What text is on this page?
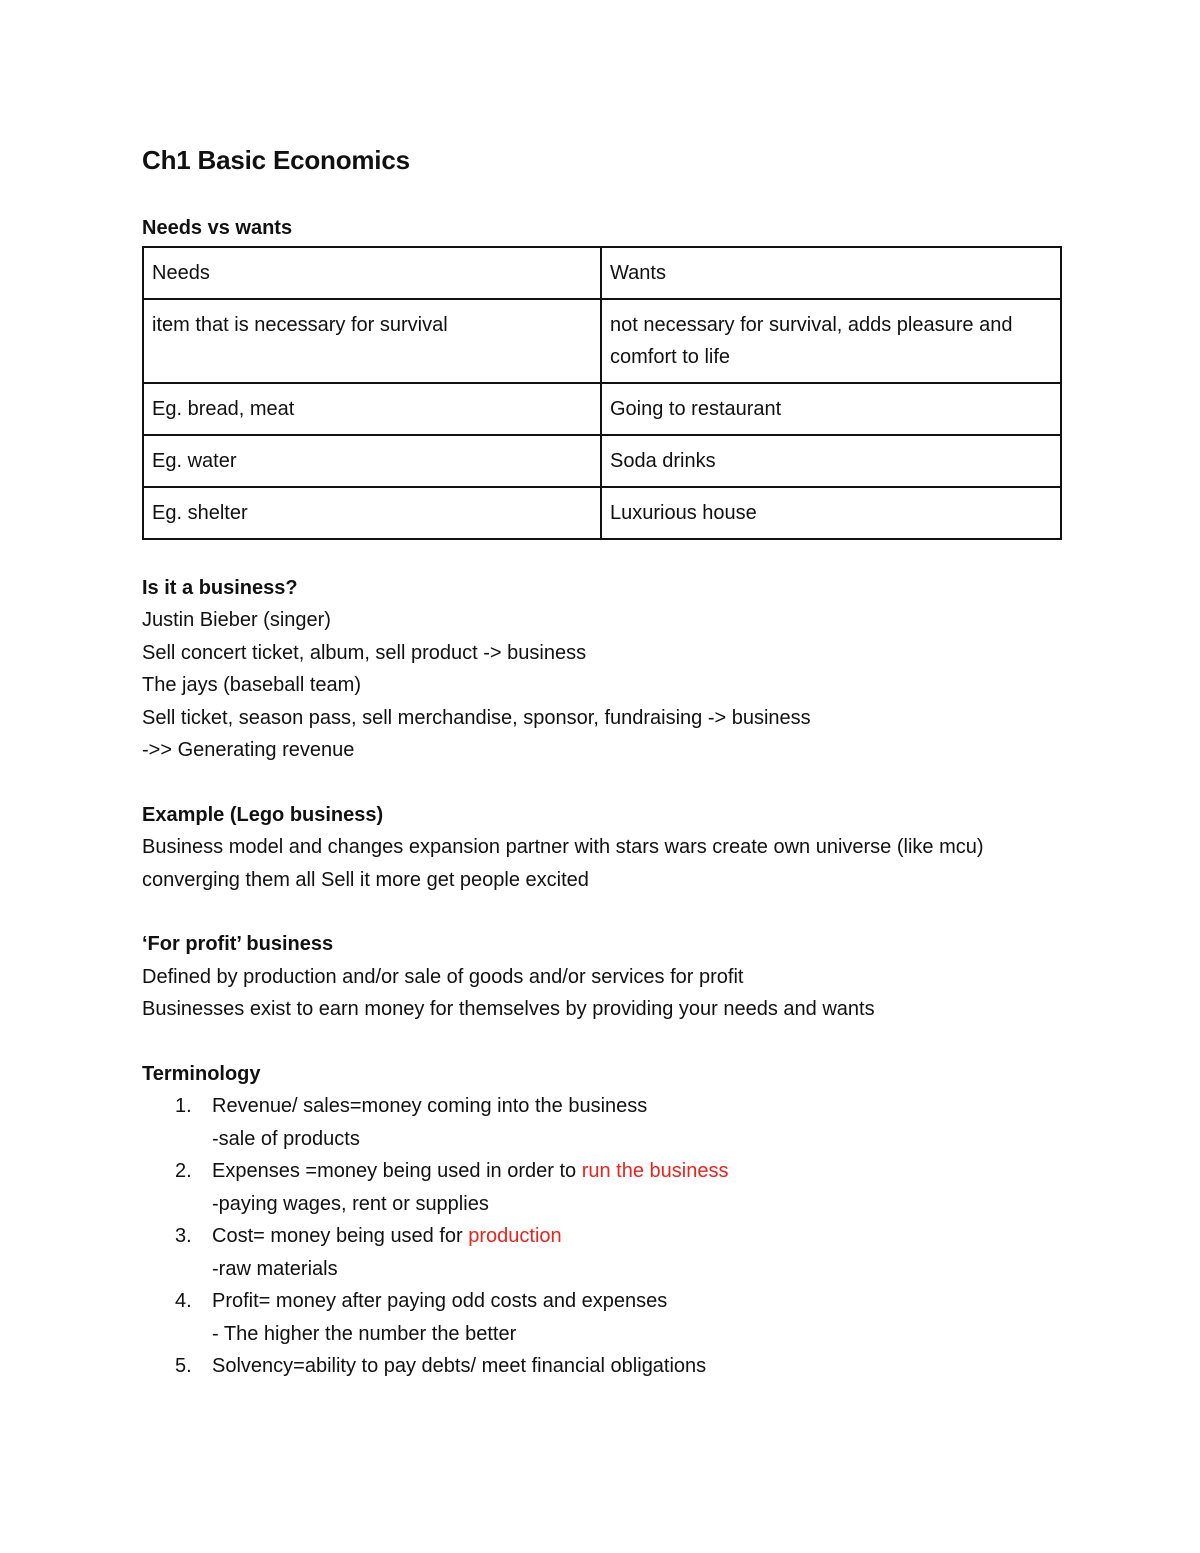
Ch1 Basic Economics

Needs vs wants

Needs	Wants
item that is necessary for survival	not necessary for survival, adds pleasure and comfort to life
Eg. bread, meat	Going to restaurant
Eg. water	Soda drinks
Eg. shelter	Luxurious house

Is it a business?

Justin Bieber (singer)

Sell concert ticket, album, sell product -> business

The jays (baseball team)

Sell ticket, season pass, sell merchandise, sponsor, fundraising -> business

->> Generating revenue

Example (Lego business)

Business model and changes expansion partner with stars wars create own universe (like mcu) converging them all Sell it more get people excited

‘For profit’ business

Defined by production and/or sale of goods and/or services for profit

Businesses exist to earn money for themselves by providing your needs and wants

Terminology

1. Revenue/ sales=money coming into the business
-sale of products
2. Expenses =money being used in order to run the business
-paying wages, rent or supplies
3. Cost= money being used for production
-raw materials
4. Profit= money after paying odd costs and expenses
- The higher the number the better
5. Solvency=ability to pay debts/ meet financial obligations
